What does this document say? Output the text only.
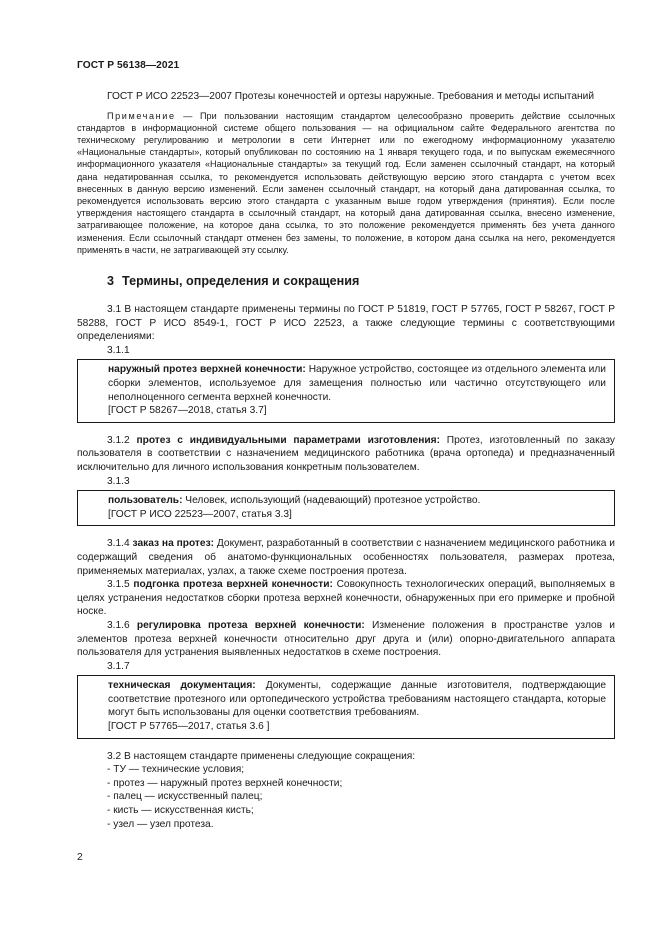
ГОСТ Р 56138—2021

ГОСТ Р ИСО 22523—2007 Протезы конечностей и ортезы наружные. Требования и методы испытаний

Примечание — При пользовании настоящим стандартом целесообразно проверить действие ссылочных стандартов в информационной системе общего пользования — на официальном сайте Федерального агентства по техническому регулированию и метрологии в сети Интернет или по ежегодному информационному указателю «Национальные стандарты», который опубликован по состоянию на 1 января текущего года, и по выпускам ежемесячного информационного указателя «Национальные стандарты» за текущий год. Если заменен ссылочный стандарт, на который дана недатированная ссылка, то рекомендуется использовать действующую версию этого стандарта с учетом всех внесенных в данную версию изменений. Если заменен ссылочный стандарт, на который дана датированная ссылка, то рекомендуется использовать версию этого стандарта с указанным выше годом утверждения (принятия). Если после утверждения настоящего стандарта в ссылочный стандарт, на который дана датированная ссылка, внесено изменение, затрагивающее положение, на которое дана ссылка, то это положение рекомендуется применять без учета данного изменения. Если ссылочный стандарт отменен без замены, то положение, в котором дана ссылка на него, рекомендуется применять в части, не затрагивающей эту ссылку.

3 Термины, определения и сокращения

3.1 В настоящем стандарте применены термины по ГОСТ Р 51819, ГОСТ Р 57765, ГОСТ Р 58267, ГОСТ Р 58288, ГОСТ Р ИСО 8549-1, ГОСТ Р ИСО 22523, а также следующие термины с соответствующими определениями:

3.1.1

наружный протез верхней конечности: Наружное устройство, состоящее из отдельного элемента или сборки элементов, используемое для замещения полностью или частично отсутствующего или неполноценного сегмента верхней конечности.

[ГОСТ Р 58267—2018, статья 3.7]

3.1.2 протез с индивидуальными параметрами изготовления: Протез, изготовленный по заказу пользователя в соответствии с назначением медицинского работника (врача ортопеда) и предназначенный исключительно для личного использования конкретным пользователем.

3.1.3

пользователь: Человек, использующий (надевающий) протезное устройство.

[ГОСТ Р ИСО 22523—2007, статья 3.3]

3.1.4 заказ на протез: Документ, разработанный в соответствии с назначением медицинского работника и содержащий сведения об анатомо-функциональных особенностях пользователя, размерах протеза, применяемых материалах, узлах, а также схеме построения протеза.

3.1.5 подгонка протеза верхней конечности: Совокупность технологических операций, выполняемых в целях устранения недостатков сборки протеза верхней конечности, обнаруженных при его примерке и пробной носке.

3.1.6 регулировка протеза верхней конечности: Изменение положения в пространстве узлов и элементов протеза верхней конечности относительно друг друга и (или) опорно-двигательного аппарата пользователя для устранения выявленных недостатков в схеме построения.

3.1.7

техническая документация: Документы, содержащие данные изготовителя, подтверждающие соответствие протезного или ортопедического устройства требованиям настоящего стандарта, которые могут быть использованы для оценки соответствия требованиям.

[ГОСТ Р 57765—2017, статья 3.6 ]

3.2 В настоящем стандарте применены следующие сокращения:

- ТУ — технические условия;
- протез — наружный протез верхней конечности;
- палец — искусственный палец;
- кисть — искусственная кисть;
- узел — узел протеза.
2
